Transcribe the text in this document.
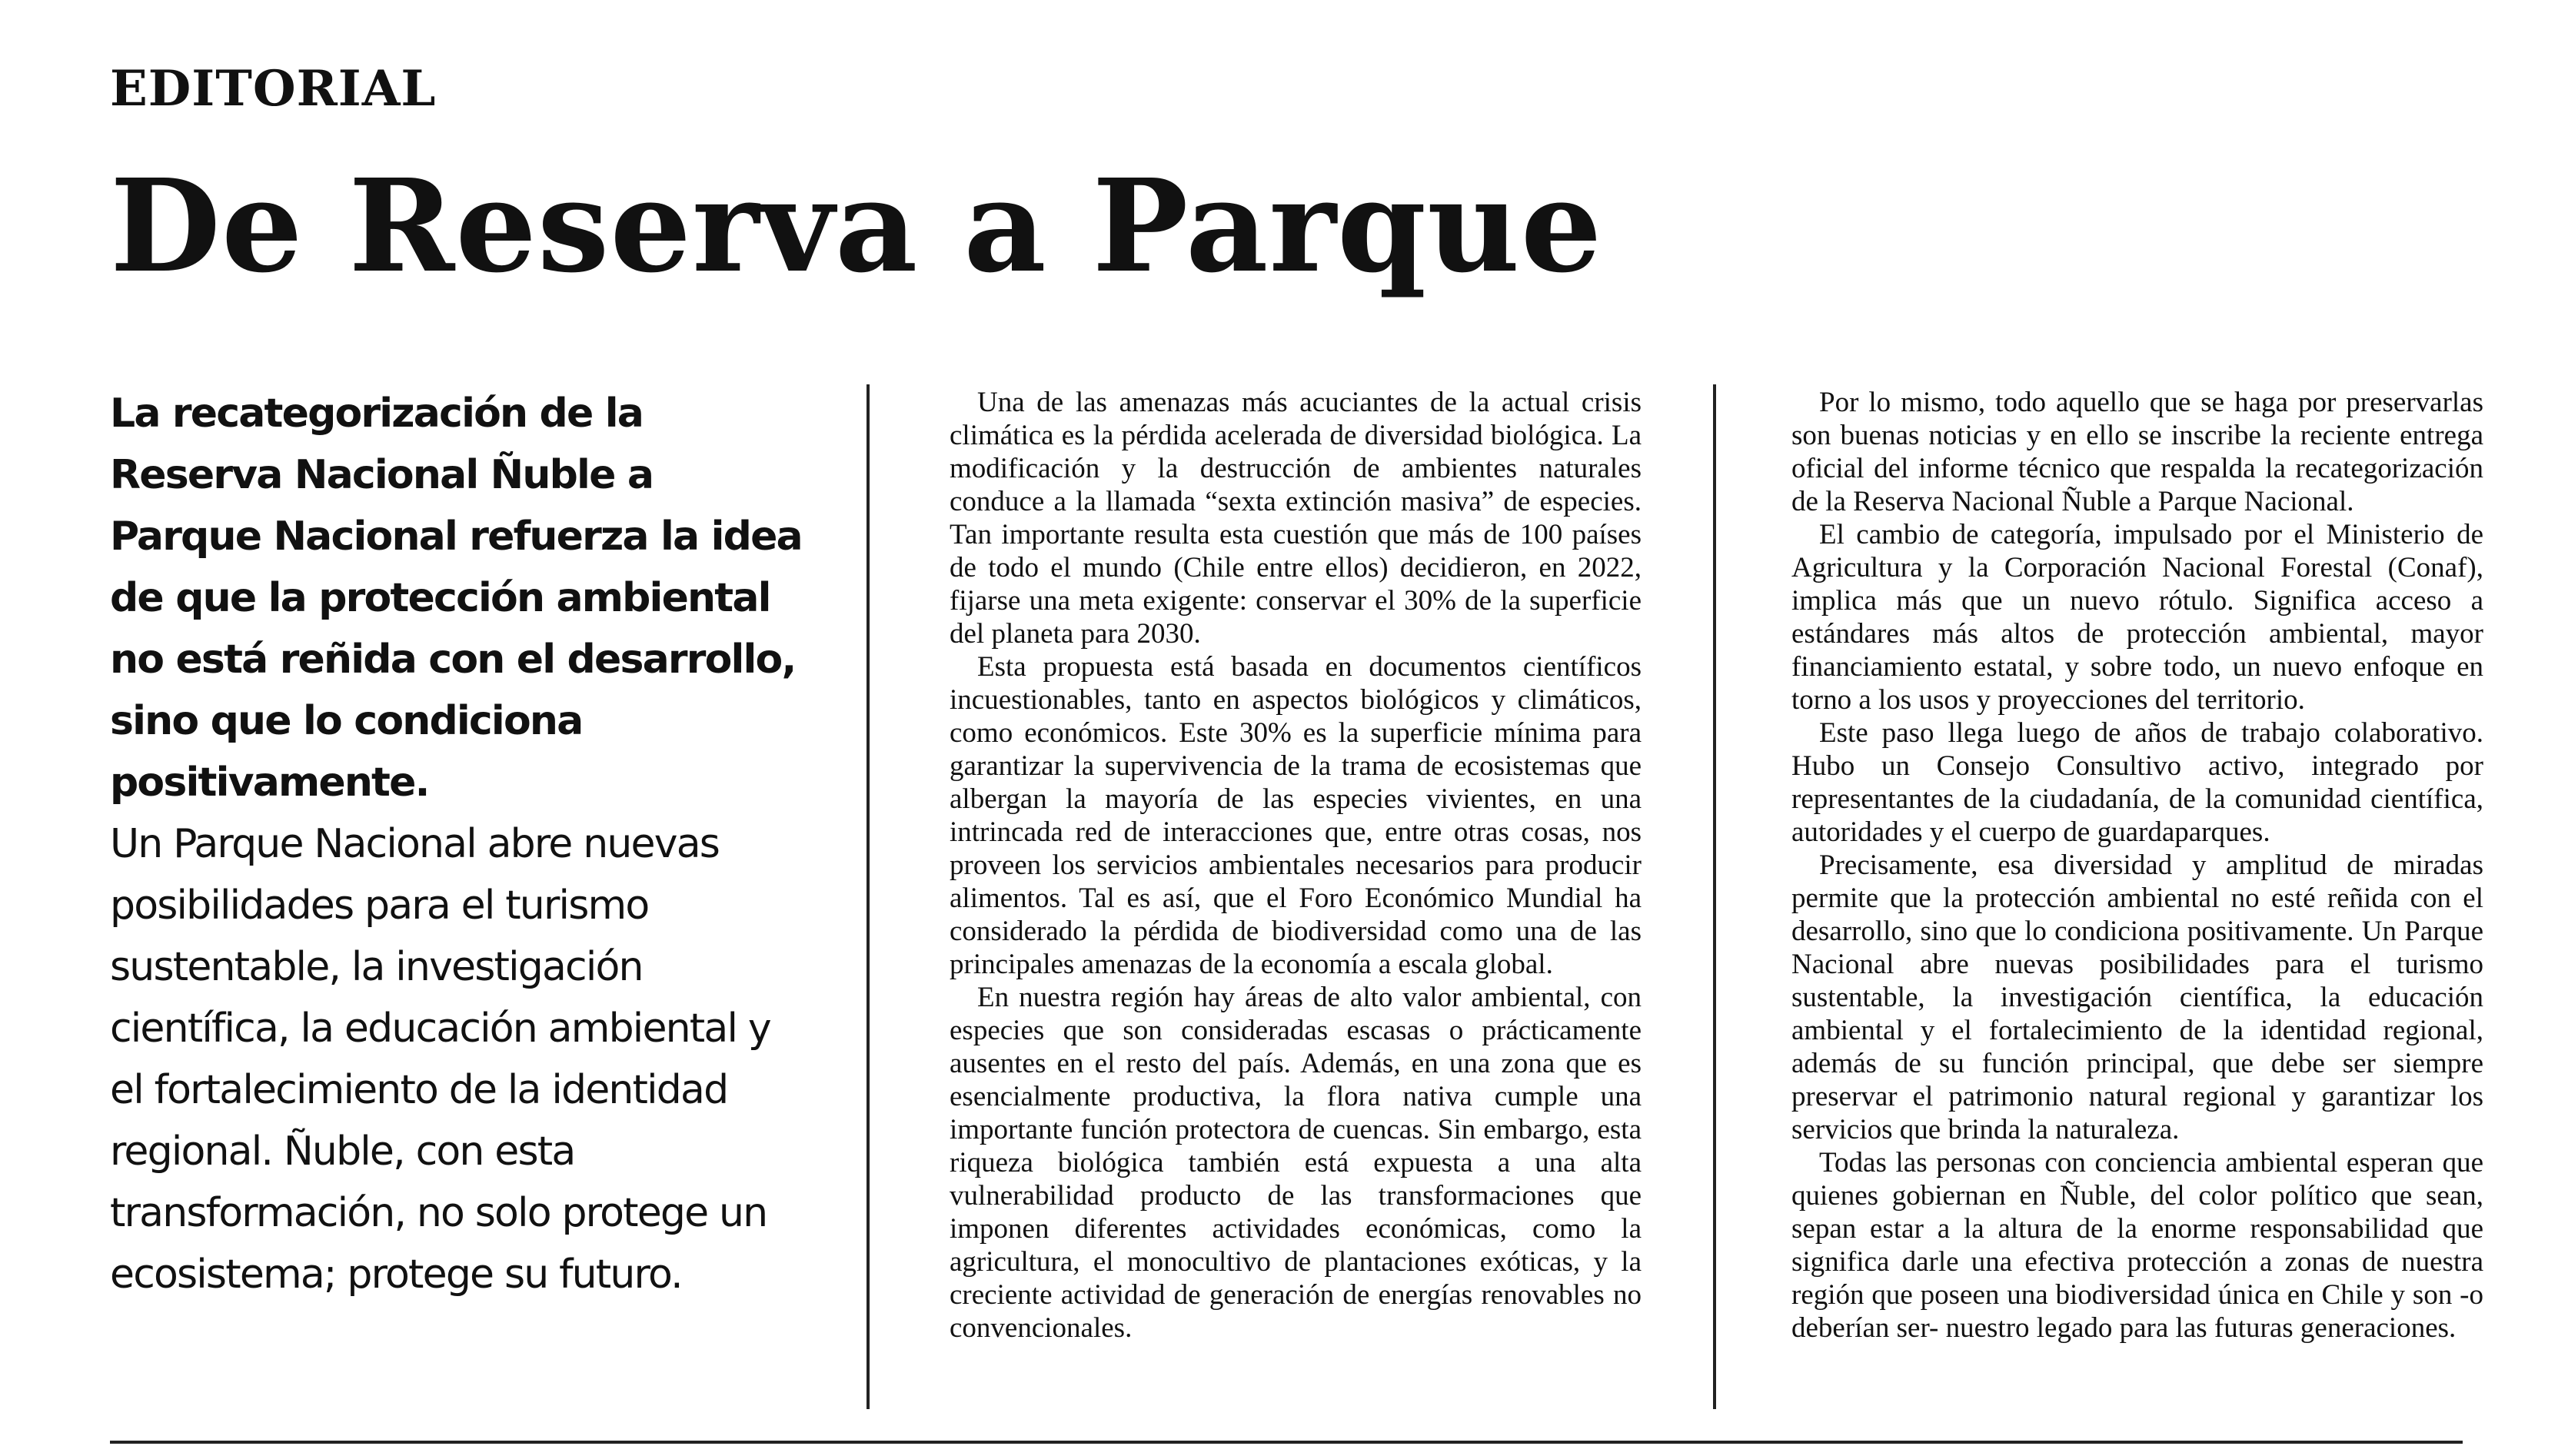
EDITORIAL
De Reserva a Parque

La recategorización de la Reserva Nacional Ñuble a Parque Nacional refuerza la idea de que la protección ambiental no está reñida con el desarrollo, sino que lo condiciona positivamente.

Un Parque Nacional abre nuevas posibilidades para el turismo sustentable, la investigación científica, la educación ambiental y el fortalecimiento de la identidad regional. Ñuble, con esta transformación, no solo protege un ecosistema; protege su futuro.

Una de las amenazas más acuciantes de la actual crisis climática es la pérdida acelerada de diversidad biológica. La modificación y la destrucción de ambientes naturales conduce a la llamada “sexta extinción masiva” de especies. Tan importante resulta esta cuestión que más de 100 países de todo el mundo (Chile entre ellos) decidieron, en 2022, fijarse una meta exigente: conservar el 30% de la superficie del planeta para 2030.

Esta propuesta está basada en documentos científicos incuestionables, tanto en aspectos biológicos y climáticos, como económicos. Este 30% es la superficie mínima para garantizar la supervivencia de la trama de ecosistemas que albergan la mayoría de las especies vivientes, en una intrincada red de interacciones que, entre otras cosas, nos proveen los servicios ambientales necesarios para producir alimentos. Tal es así, que el Foro Económico Mundial ha considerado la pérdida de biodiversidad como una de las principales amenazas de la economía a escala global.

En nuestra región hay áreas de alto valor ambiental, con especies que son consideradas escasas o prácticamente ausentes en el resto del país. Además, en una zona que es esencialmente productiva, la flora nativa cumple una importante función protectora de cuencas. Sin embargo, esta riqueza biológica también está expuesta a una alta vulnerabilidad producto de las transformaciones que imponen diferentes actividades económicas, como la agricultura, el monocultivo de plantaciones exóticas, y la creciente actividad de generación de energías renovables no convencionales.

Por lo mismo, todo aquello que se haga por preservarlas son buenas noticias y en ello se inscribe la reciente entrega oficial del informe técnico que respalda la recategorización de la Reserva Nacional Ñuble a Parque Nacional.

El cambio de categoría, impulsado por el Ministerio de Agricultura y la Corporación Nacional Forestal (Conaf), implica más que un nuevo rótulo. Significa acceso a estándares más altos de protección ambiental, mayor financiamiento estatal, y sobre todo, un nuevo enfoque en torno a los usos y proyecciones del territorio.

Este paso llega luego de años de trabajo colaborativo. Hubo un Consejo Consultivo activo, integrado por representantes de la ciudadanía, de la comunidad científica, autoridades y el cuerpo de guardaparques.

Precisamente, esa diversidad y amplitud de miradas permite que la protección ambiental no esté reñida con el desarrollo, sino que lo condiciona positivamente. Un Parque Nacional abre nuevas posibilidades para el turismo sustentable, la investigación científica, la educación ambiental y el fortalecimiento de la identidad regional, además de su función principal, que debe ser siempre preservar el patrimonio natural regional y garantizar los servicios que brinda la naturaleza.

Todas las personas con conciencia ambiental esperan que quienes gobiernan en Ñuble, del color político que sean, sepan estar a la altura de la enorme responsabilidad que significa darle una efectiva protección a zonas de nuestra región que poseen una biodiversidad única en Chile y son -o deberían ser- nuestro legado para las futuras generaciones.
